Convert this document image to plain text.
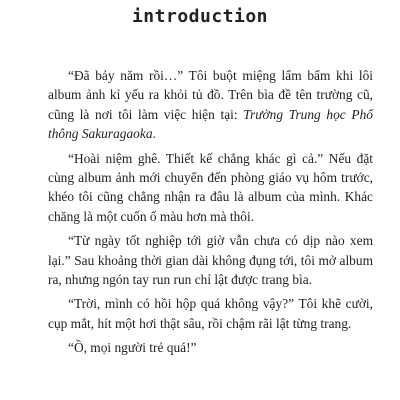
introduction

“Đã bảy năm rồi…” Tôi buột miệng lẩm bẩm khi lôi album ảnh kỉ yếu ra khỏi tủ đồ. Trên bìa đề tên trường cũ, cũng là nơi tôi làm việc hiện tại: Trường Trung học Phổ thông Sakuragaoka.

“Hoài niệm ghê. Thiết kế chẳng khác gì cả.” Nếu đặt cùng album ảnh mới chuyển đến phòng giáo vụ hôm trước, khéo tôi cũng chẳng nhận ra đâu là album của mình. Khác chăng là một cuốn ố màu hơn mà thôi.

“Từ ngày tốt nghiệp tới giờ vẫn chưa có dịp nào xem lại.” Sau khoảng thời gian dài không đụng tới, tôi mở album ra, nhưng ngón tay run run chỉ lật được trang bìa.

“Trời, mình có hồi hộp quá không vậy?” Tôi khẽ cười, cụp mắt, hít một hơi thật sâu, rồi chậm rãi lật từng trang.

“Ồ, mọi người trẻ quá!”
